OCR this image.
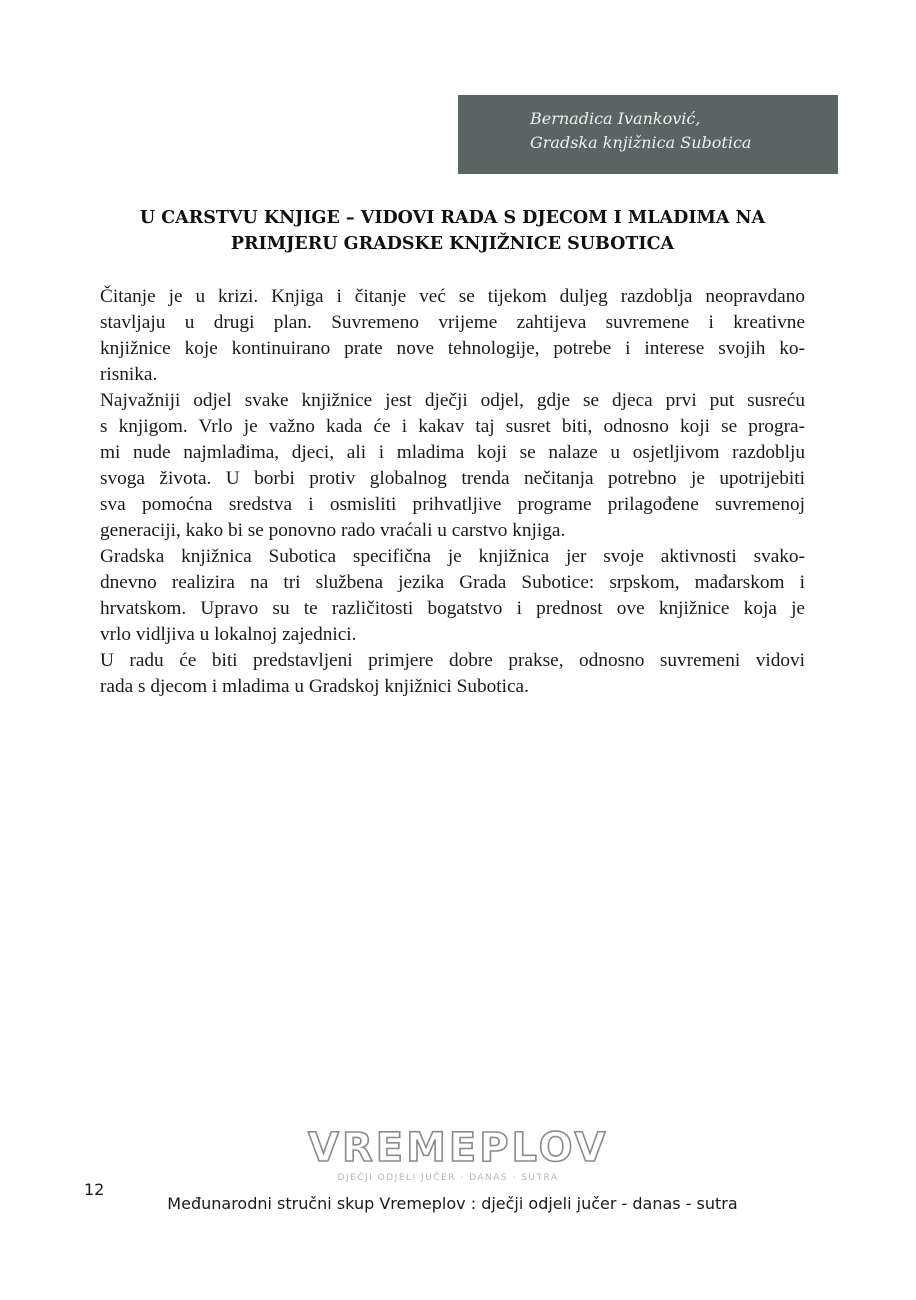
Bernadica Ivanković,
Gradska knjižnica Subotica
U CARSTVU KNJIGE – VIDOVI RADA S DJECOM I MLADIMA NA
PRIMJERU GRADSKE KNJIŽNICE SUBOTICA
Čitanje je u krizi. Knjiga i čitanje već se tijekom duljeg razdoblja neopravdano
stavljaju u drugi plan. Suvremeno vrijeme zahtijeva suvremene i kreativne
knjižnice koje kontinuirano prate nove tehnologije, potrebe i interese svojih ko-
risnika.
Najvažniji odjel svake knjižnice jest dječji odjel, gdje se djeca prvi put susreću
s knjigom. Vrlo je važno kada će i kakav taj susret biti, odnosno koji se progra-
mi nude najmlađima, djeci, ali i mladima koji se nalaze u osjetljivom razdoblju
svoga života. U borbi protiv globalnog trenda nečitanja potrebno je upotrijebiti
sva pomoćna sredstva i osmisliti prihvatljive programe prilagođene suvremenoj
generaciji, kako bi se ponovno rado vraćali u carstvo knjiga.
Gradska knjižnica Subotica specifična je knjižnica jer svoje aktivnosti svako-
dnevno realizira na tri službena jezika Grada Subotice: srpskom, mađarskom i
hrvatskom. Upravo su te različitosti bogatstvo i prednost ove knjižnice koja je
vrlo vidljiva u lokalnoj zajednici.
U radu će biti predstavljeni primjere dobre prakse, odnosno suvremeni vidovi
rada s djecom i mladima u Gradskoj knjižnici Subotica.
VREMEPLOV
DJEČJI ODJELI JUČER · DANAS · SUTRA
12
Međunarodni stručni skup Vremeplov : dječji odjeli jučer - danas - sutra
